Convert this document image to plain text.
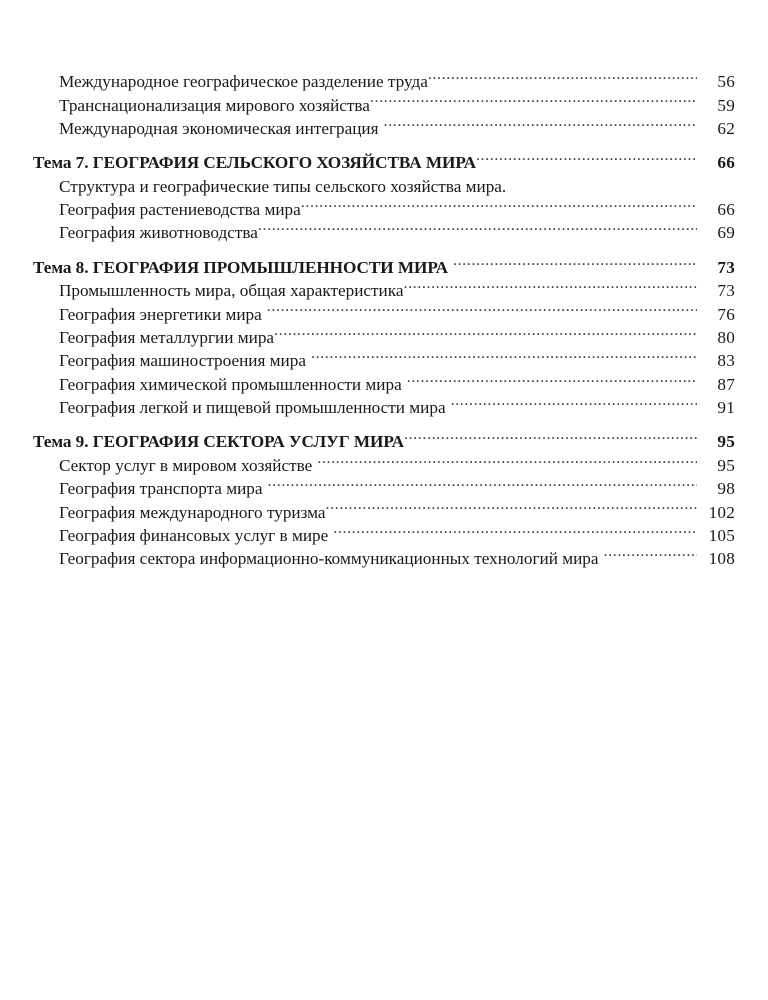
Международное географическое разделение труда .....	56
Транснационализация мирового хозяйства .....	59
Международная экономическая интеграция .....	62
Тема 7. ГЕОГРАФИЯ СЕЛЬСКОГО ХОЗЯЙСТВА МИРА .....	66
Структура и географические типы сельского хозяйства мира.
География растениеводства мира .....	66
География животноводства .....	69
Тема 8. ГЕОГРАФИЯ ПРОМЫШЛЕННОСТИ МИРА .....	73
Промышленность мира, общая характеристика .....	73
География энергетики мира .....	76
География металлургии мира .....	80
География машиностроения мира .....	83
География химической промышленности мира .....	87
География легкой и пищевой промышленности мира .....	91
Тема 9. ГЕОГРАФИЯ СЕКТОРА УСЛУГ МИРА .....	95
Сектор услуг в мировом хозяйстве .....	95
География транспорта мира .....	98
География международного туризма .....	102
География финансовых услуг в мире .....	105
География сектора информационно-коммуникационных технологий мира .....	108
